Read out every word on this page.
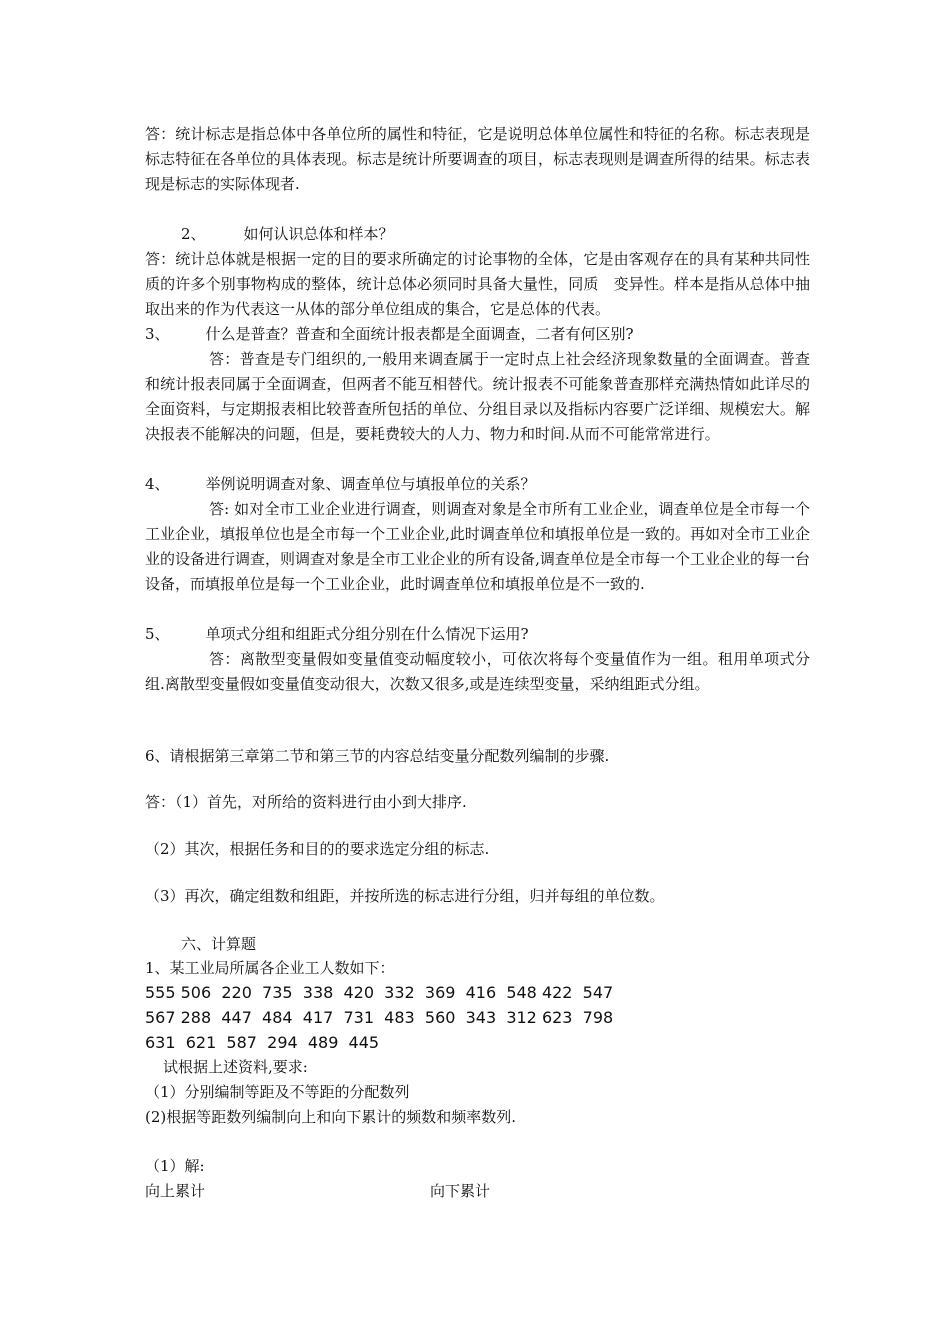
答：统计标志是指总体中各单位所的属性和特征，它是说明总体单位属性和特征的名称。标志表现是标志特征在各单位的具体表现。标志是统计所要调查的项目，标志表现则是调查所得的结果。标志表现是标志的实际体现者.
2、	如何认识总体和样本？
答：统计总体就是根据一定的目的要求所确定的讨论事物的全体，它是由客观存在的具有某种共同性质的许多个别事物构成的整体，统计总体必须同时具备大量性，同质　变异性。样本是指从总体中抽取出来的作为代表这一从体的部分单位组成的集合，它是总体的代表。
3、 什么是普查？普查和全面统计报表都是全面调查，二者有何区别?
答：普查是专门组织的,一般用来调查属于一定时点上社会经济现象数量的全面调查。普查和统计报表同属于全面调查，但两者不能互相替代。统计报表不可能象普查那样充满热情如此详尽的全面资料，与定期报表相比较普查所包括的单位、分组目录以及指标内容要广泛详细、规模宏大。解决报表不能解决的问题，但是，要耗费较大的人力、物力和时间.从而不可能常常进行。
4、 举例说明调查对象、调查单位与填报单位的关系？
答: 如对全市工业企业进行调查，则调查对象是全市所有工业企业，调查单位是全市每一个工业企业，填报单位也是全市每一个工业企业,此时调查单位和填报单位是一致的。再如对全市工业企业的设备进行调查，则调查对象是全市工业企业的所有设备,调查单位是全市每一个工业企业的每一台设备，而填报单位是每一个工业企业，此时调查单位和填报单位是不一致的.
5、 单项式分组和组距式分组分别在什么情况下运用?
答：离散型变量假如变量值变动幅度较小，可依次将每个变量值作为一组。租用单项式分组.离散型变量假如变量值变动很大，次数又很多,或是连续型变量，采纳组距式分组。
6、请根据第三章第二节和第三节的内容总结变量分配数列编制的步骤.
答：（1）首先，对所给的资料进行由小到大排序.
（2）其次，根据任务和目的的要求选定分组的标志.
（3）再次，确定组数和组距，并按所选的标志进行分组，归并每组的单位数。
六、计算题
1、某工业局所属各企业工人数如下：
555 506  220  735  338  420  332  369  416  548 422  547
567 288  447  484  417  731  483  560  343  312 623  798
631  621  587  294  489  445
试根据上述资料,要求:
（1）分别编制等距及不等距的分配数列
(2)根据等距数列编制向上和向下累计的频数和频率数列.
（1）解:
向上累计	向下累计
